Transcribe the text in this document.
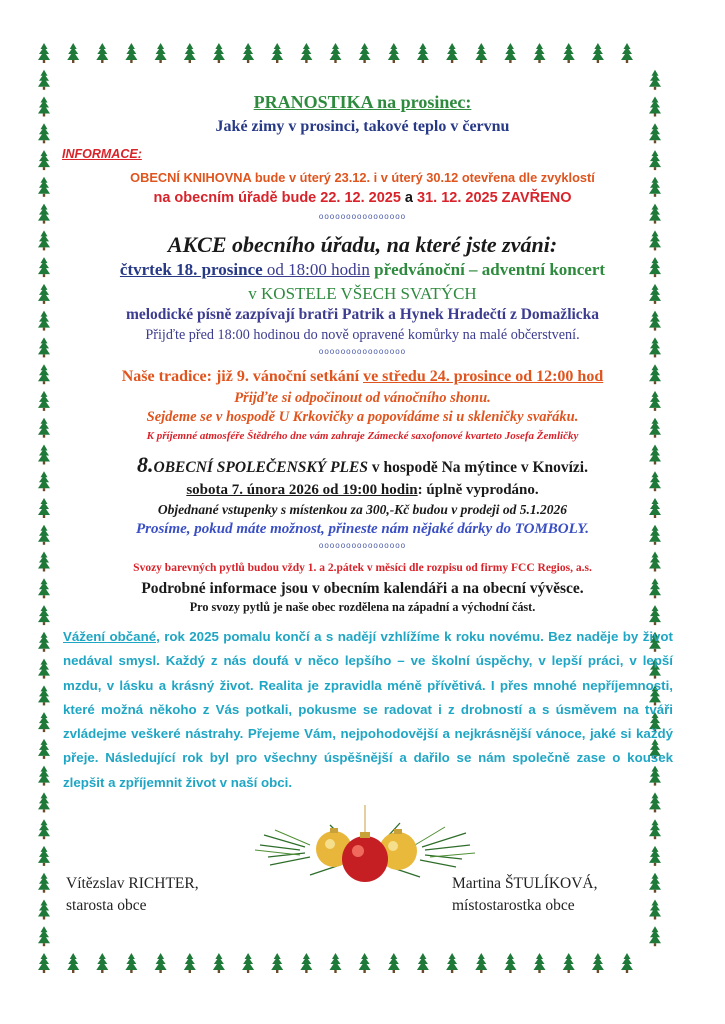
PRANOSTIKA na prosinec:
Jaké zimy v prosinci, takové teplo v červnu
INFORMACE:
OBECNÍ KNIHOVNA bude v úterý 23.12. i v úterý 30.12 otevřena dle zvyklostí
na obecním úřadě bude 22. 12. 2025 a 31. 12. 2025 ZAVŘENO
oooooooooooooooo
AKCE obecního úřadu, na které jste zváni:
čtvrtek 18. prosince od 18:00 hodin předvánoční – adventní koncert
v KOSTELE VŠECH SVATÝCH
melodické písně zazpívají bratři Patrik a Hynek Hradečtí z Domažlicka
Přijďte před 18:00 hodinou do nově opravené komůrky na malé občerstvení.
oooooooooooooooo
Naše tradice: již 9. vánoční setkání ve středu 24. prosince od 12:00 hod
Přijďte si odpočinout od vánočního shonu.
Sejdeme se v hospodě U Krkovičky a popovídáme si u skleničky svařáku.
K příjemné atmosféře Štědrého dne vám zahraje Zámecké saxofonové kvarteto Josefa Žemličky
8.OBECNÍ SPOLEČENSKÝ PLES v hospodě Na mýtince v Knovízi.
sobota 7. února 2026 od 19:00 hodin: úplně vyprodáno.
Objednané vstupenky s místenkou za 300,-Kč budou v prodeji od 5.1.2026
Prosíme, pokud máte možnost, přineste nám nějaké dárky do TOMBOLY.
oooooooooooooooo
Svozy barevných pytlů budou vždy 1. a 2.pátek v měsíci dle rozpisu od firmy FCC Regios, a.s.
Podrobné informace jsou v obecním kalendáři a na obecní vývěsce.
Pro svozy pytlů je naše obec rozdělena na západní a východní část.
Vážení občané, rok 2025 pomalu končí a s nadějí vzhlížíme k roku novému. Bez naděje by život nedával smysl. Každý z nás doufá v něco lepšího – ve školní úspěchy, v lepší práci, v lepší mzdu, v lásku a krásný život. Realita je zpravidla méně přívětivá. I přes mnohé nepříjemnosti, které možná někoho z Vás potkali, pokusme se radovat i z drobností a s úsměvem na tváři zvládejme veškeré nástrahy. Přejeme Vám, nejpohodovější a nejkrásnější vánoce, jaké si každý přeje. Následující rok byl pro všechny úspěšnější a dařilo se nám společně zase o kousek zlepšit a zpříjemnit život v naší obci.
Vítězslav RICHTER,
starosta obce
Martina ŠTULÍKOVÁ,
místostarostka obce
